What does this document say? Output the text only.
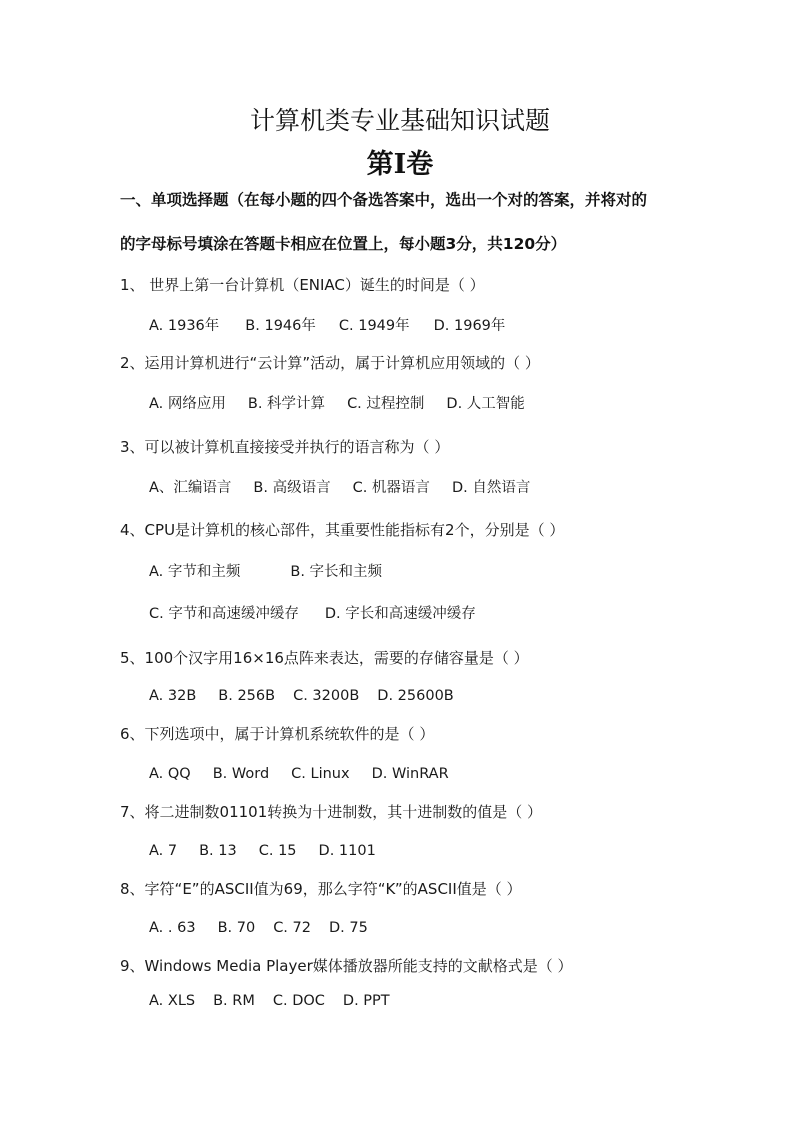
计算机类专业基础知识试题
第Ⅰ卷
一、单项选择题（在每小题的四个备选答案中，选出一个对的答案，并将对的
的字母标号填涂在答题卡相应在位置上，每小题3分，共120分）
1、 世界上第一台计算机（ENIAC）诞生的时间是（ ）
A. 1936年 B. 1946年 C. 1949年 D. 1969年
2、运用计算机进行“云计算”活动，属于计算机应用领域的（ ）
A. 网络应用 B. 科学计算 C. 过程控制 D. 人工智能
3、可以被计算机直接接受并执行的语言称为（ ）
A、汇编语言 B. 高级语言 C. 机器语言 D. 自然语言
4、CPU是计算机的核心部件，其重要性能指标有2个，分别是（ ）
A. 字节和主频	B. 字长和主频
C. 字节和高速缓冲缓存 D. 字长和高速缓冲缓存
5、100个汉字用16×16点阵来表达，需要的存储容量是（ ）
A. 32B B. 256B C. 3200B D. 25600B
6、下列选项中，属于计算机系统软件的是（ ）
A. QQ B. Word C. Linux D. WinRAR
7、将二进制数01101转换为十进制数，其十进制数的值是（ ）
A. 7 B. 13 C. 15 D. 1101
8、字符“E”的ASCII值为69，那么字符“K”的ASCII值是（ ）
A. . 63 B. 70 C. 72 D. 75
9、Windows Media Player媒体播放器所能支持的文献格式是（ ）
A. XLS B. RM C. DOC D. PPT
